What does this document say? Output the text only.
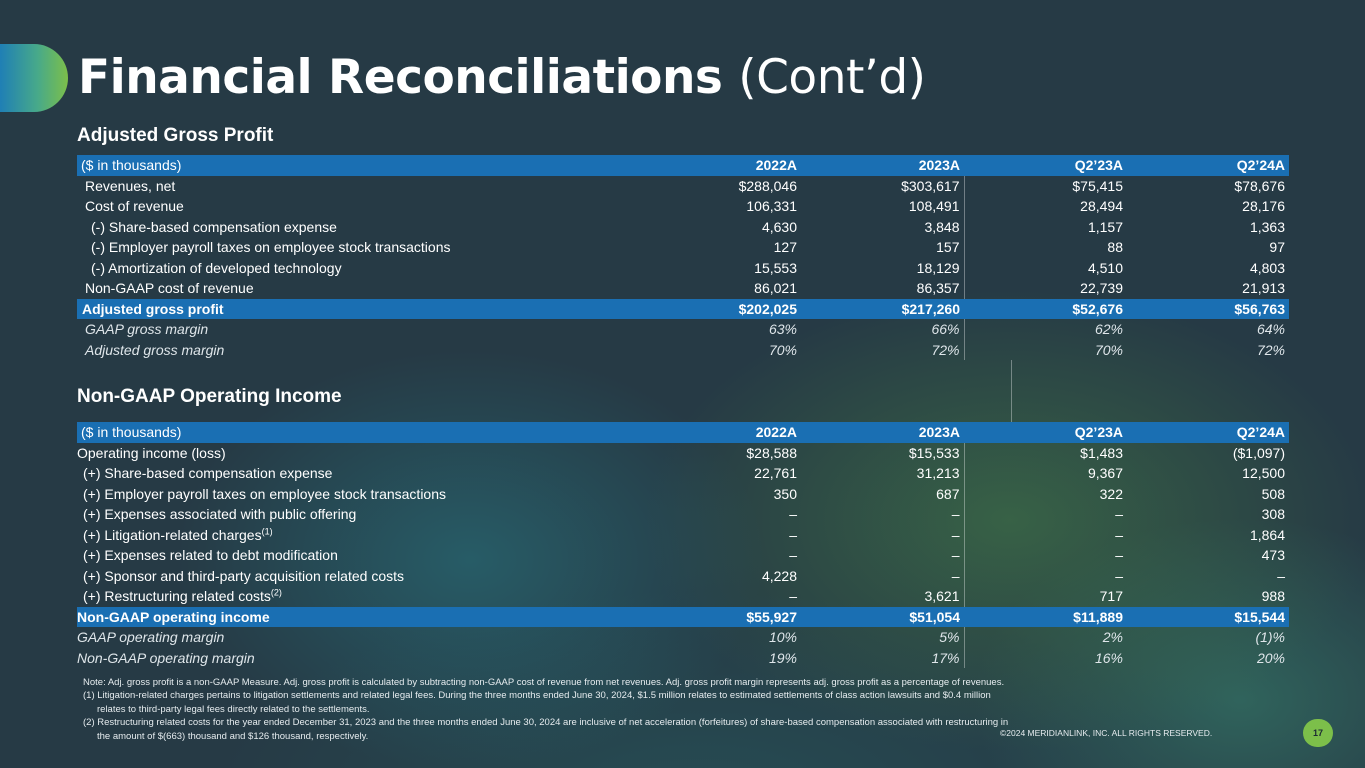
Financial Reconciliations (Cont’d)
Adjusted Gross Profit
($ in thousands)	2022A	2023A	Q2’23A	Q2’24A
Revenues, net	$288,046	$303,617	$75,415	$78,676
Cost of revenue	106,331	108,491	28,494	28,176
(-) Share-based compensation expense	4,630	3,848	1,157	1,363
(-) Employer payroll taxes on employee stock transactions	127	157	88	97
(-) Amortization of developed technology	15,553	18,129	4,510	4,803
Non-GAAP cost of revenue	86,021	86,357	22,739	21,913
Adjusted gross profit	$202,025	$217,260	$52,676	$56,763
GAAP gross margin	63%	66%	62%	64%
Adjusted gross margin	70%	72%	70%	72%
Non-GAAP Operating Income
($ in thousands)	2022A	2023A	Q2’23A	Q2’24A
Operating income (loss)	$28,588	$15,533	$1,483	($1,097)
(+) Share-based compensation expense	22,761	31,213	9,367	12,500
(+) Employer payroll taxes on employee stock transactions	350	687	322	508
(+) Expenses associated with public offering	–	–	–	308
(+) Litigation-related charges$^{(1)}$	–	–	–	1,864
(+) Expenses related to debt modification	–	–	–	473
(+) Sponsor and third-party acquisition related costs	4,228	–	–	–
(+) Restructuring related costs$^{(2)}$	–	3,621	717	988
Non-GAAP operating income	$55,927	$51,054	$11,889	$15,544
GAAP operating margin	10%	5%	2%	(1)%
Non-GAAP operating margin	19%	17%	16%	20%

Note: Adj. gross profit is a non-GAAP Measure. Adj. gross profit is calculated by subtracting non-GAAP cost of revenue from net revenues. Adj. gross profit margin represents adj. gross profit as a percentage of revenues.

(1) Litigation-related charges pertains to litigation settlements and related legal fees. During the three months ended June 30, 2024, $1.5 million relates to estimated settlements of class action lawsuits and $0.4 million relates to third-party legal fees directly related to the settlements.

(2) Restructuring related costs for the year ended December 31, 2023 and the three months ended June 30, 2024 are inclusive of net acceleration (forfeitures) of share-based compensation associated with restructuring in the amount of $(663) thousand and $126 thousand, respectively.	©2024 MERIDIANLINK, INC. ALL RIGHTS RESERVED.	17
